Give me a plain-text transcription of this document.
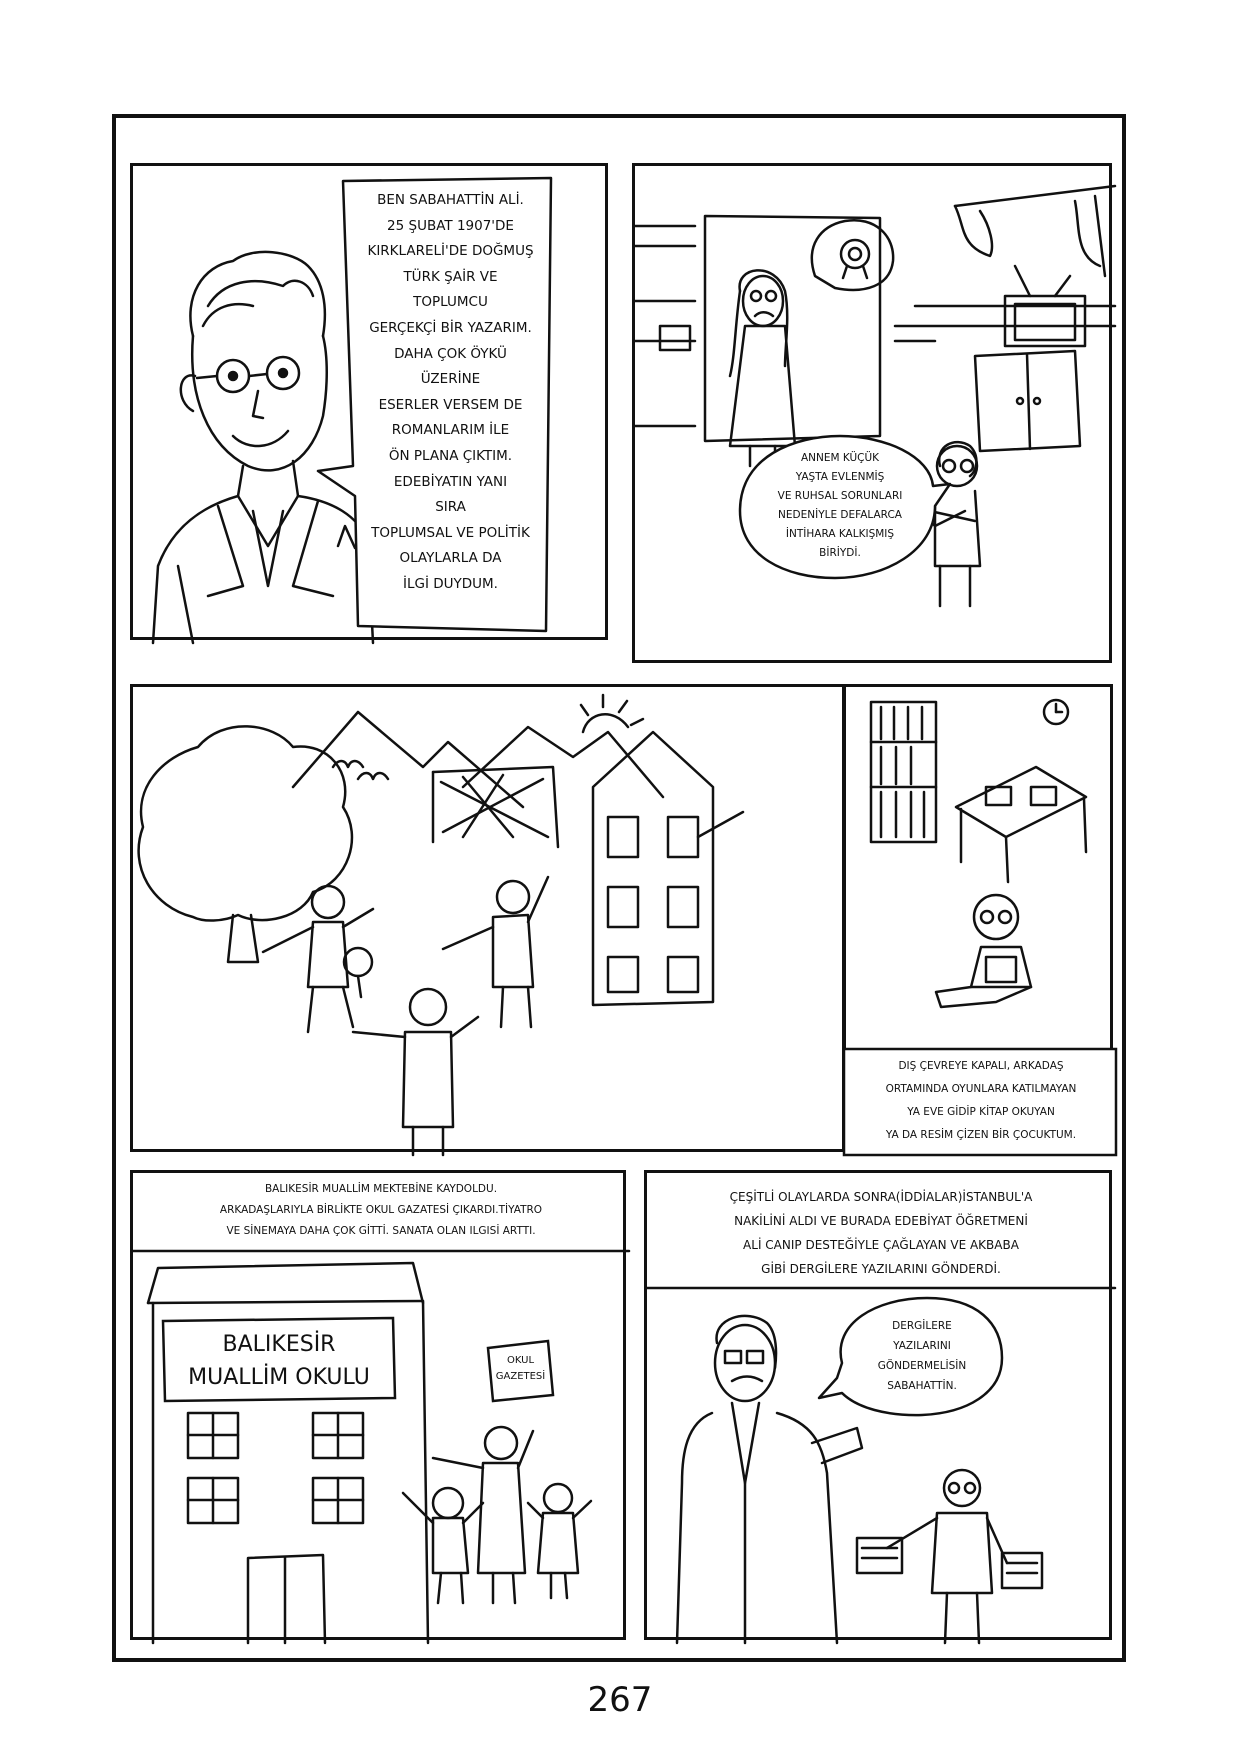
BEN SABAHATTİN ALİ.
25 ŞUBAT 1907'DE
KIRKLARELİ'DE DOĞMUŞ
TÜRK ŞAİR VE
TOPLUMCU
GERÇEKÇİ BİR YAZARIM.
DAHA ÇOK ÖYKÜ
ÜZERİNE
ESERLER VERSEM DE
ROMANLARIM İLE
ÖN PLANA ÇIKTIM.
EDEBİYATIN YANI
SIRA
TOPLUMSAL VE POLİTİK
OLAYLARLA DA
İLGİ DUYDUM.
ANNEM KÜÇÜK
YAŞTA EVLENMİŞ
VE RUHSAL SORUNLARI
NEDENİYLE DEFALARCA
İNTİHARA KALKIŞMIŞ
BİRİYDİ.
DIŞ ÇEVREYE KAPALI, ARKADAŞ
ORTAMINDA OYUNLARA KATILMAYAN
YA EVE GİDİP KİTAP OKUYAN
YA DA RESİM ÇİZEN BİR ÇOCUKTUM.
BALIKESİR
MUALLİM OKULU
OKUL
GAZETESİ
BALIKESİR MUALLİM MEKTEBİNE KAYDOLDU.
ARKADAŞLARIYLA BİRLİKTE OKUL GAZATESİ ÇIKARDI.TİYATRO
VE SİNEMAYA DAHA ÇOK GİTTİ. SANATA OLAN ILGISİ ARTTI.
DERGİLERE
YAZILARINI
GÖNDERMELİSİN
SABAHATTİN.
ÇEŞİTLİ OLAYLARDA SONRA(İDDİALAR)İSTANBUL'A
NAKİLİNİ ALDI VE BURADA EDEBİYAT ÖĞRETMENİ
ALİ CANIP DESTEĞİYLE ÇAĞLAYAN VE AKBABA
GİBİ DERGİLERE YAZILARINI GÖNDERDİ.
267
